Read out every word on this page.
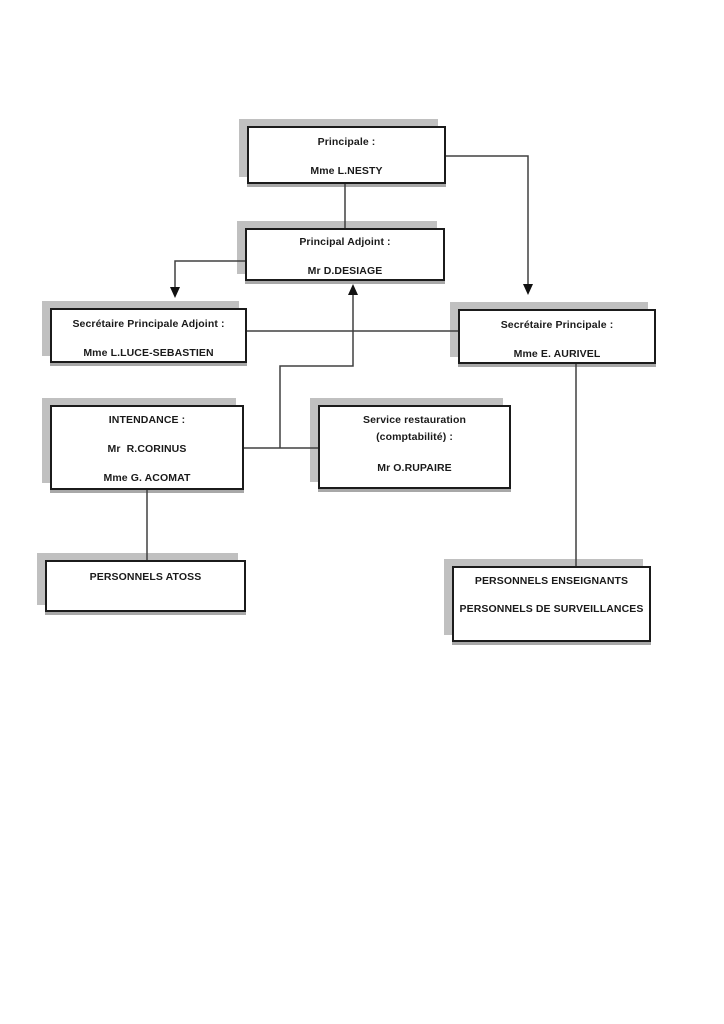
Principale :
Mme L.NESTY
Principal Adjoint :
Mr D.DESIAGE
Secrétaire Principale Adjoint :
Mme L.LUCE-SEBASTIEN
Secrétaire Principale :
Mme E. AURIVEL
INTENDANCE :
Mr  R.CORINUS
Mme G. ACOMAT
Service restauration
(comptabilité) :
Mr O.RUPAIRE
PERSONNELS ATOSS	PERSONNELS ENSEIGNANTS
PERSONNELS DE SURVEILLANCES
